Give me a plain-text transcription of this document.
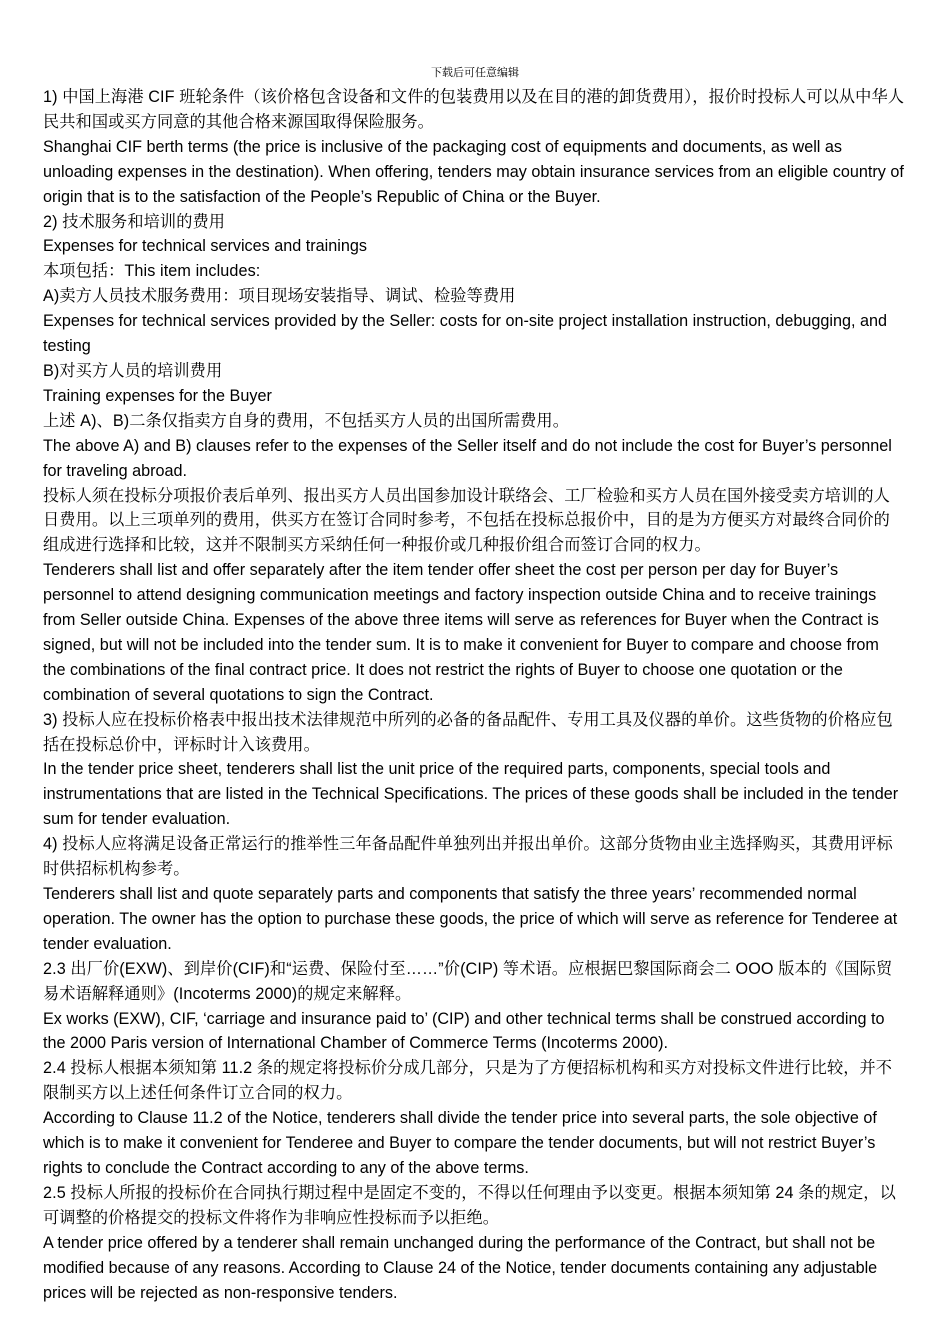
下载后可任意编辑

1) 中国上海港 CIF 班轮条件（该价格包含设备和文件的包装费用以及在目的港的卸货费用），报价时投标人可以从中华人民共和国或买方同意的其他合格来源国取得保险服务。

Shanghai CIF berth terms (the price is inclusive of the packaging cost of equipments and documents, as well as unloading expenses in the destination). When offering, tenders may obtain insurance services from an eligible country of origin that is to the satisfaction of the People’s Republic of China or the Buyer.

2) 技术服务和培训的费用

Expenses for technical services and trainings

本项包括：This item includes:

A)卖方人员技术服务费用：项目现场安装指导、调试、检验等费用

Expenses for technical services provided by the Seller: costs for on-site project installation instruction, debugging, and testing

B)对买方人员的培训费用

Training expenses for the Buyer

上述 A)、B)二条仅指卖方自身的费用，不包括买方人员的出国所需费用。

The above A) and B) clauses refer to the expenses of the Seller itself and do not include the cost for Buyer’s personnel for traveling abroad.

投标人须在投标分项报价表后单列、报出买方人员出国参加设计联络会、工厂检验和买方人员在国外接受卖方培训的人日费用。以上三项单列的费用，供买方在签订合同时参考，不包括在投标总报价中，目的是为方便买方对最终合同价的组成进行选择和比较，这并不限制买方采纳任何一种报价或几种报价组合而签订合同的权力。

Tenderers shall list and offer separately after the item tender offer sheet the cost per person per day for Buyer’s personnel to attend designing communication meetings and factory inspection outside China and to receive trainings from Seller outside China. Expenses of the above three items will serve as references for Buyer when the Contract is signed, but will not be included into the tender sum. It is to make it convenient for Buyer to compare and choose from the combinations of the final contract price. It does not restrict the rights of Buyer to choose one quotation or the combination of several quotations to sign the Contract.

3) 投标人应在投标价格表中报出技术法律规范中所列的必备的备品配件、专用工具及仪器的单价。这些货物的价格应包括在投标总价中，评标时计入该费用。

In the tender price sheet, tenderers shall list the unit price of the required parts, components, special tools and instrumentations that are listed in the Technical Specifications. The prices of these goods shall be included in the tender sum for tender evaluation.

4) 投标人应将满足设备正常运行的推举性三年备品配件单独列出并报出单价。这部分货物由业主选择购买，其费用评标时供招标机构参考。

Tenderers shall list and quote separately parts and components that satisfy the three years’ recommended normal operation. The owner has the option to purchase these goods, the price of which will serve as reference for Tenderee at tender evaluation.

2.3 出厂价(EXW)、到岸价(CIF)和“运费、保险付至……”价(CIP) 等术语。应根据巴黎国际商会二 OOO 版本的《国际贸易术语解释通则》(Incoterms 2000)的规定来解释。

Ex works (EXW), CIF, ‘carriage and insurance paid to’ (CIP) and other technical terms shall be construed according to the 2000 Paris version of International Chamber of Commerce Terms (Incoterms 2000).

2.4 投标人根据本须知第 11.2 条的规定将投标价分成几部分，只是为了方便招标机构和买方对投标文件进行比较，并不限制买方以上述任何条件订立合同的权力。

According to Clause 11.2 of the Notice, tenderers shall divide the tender price into several parts, the sole objective of which is to make it convenient for Tenderee and Buyer to compare the tender documents, but will not restrict Buyer’s rights to conclude the Contract according to any of the above terms.

2.5 投标人所报的投标价在合同执行期过程中是固定不变的，不得以任何理由予以变更。根据本须知第 24 条的规定，以可调整的价格提交的投标文件将作为非响应性投标而予以拒绝。

A tender price offered by a tenderer shall remain unchanged during the performance of the Contract, but shall not be modified because of any reasons. According to Clause 24 of the Notice, tender documents containing any adjustable prices will be rejected as non-responsive tenders.
